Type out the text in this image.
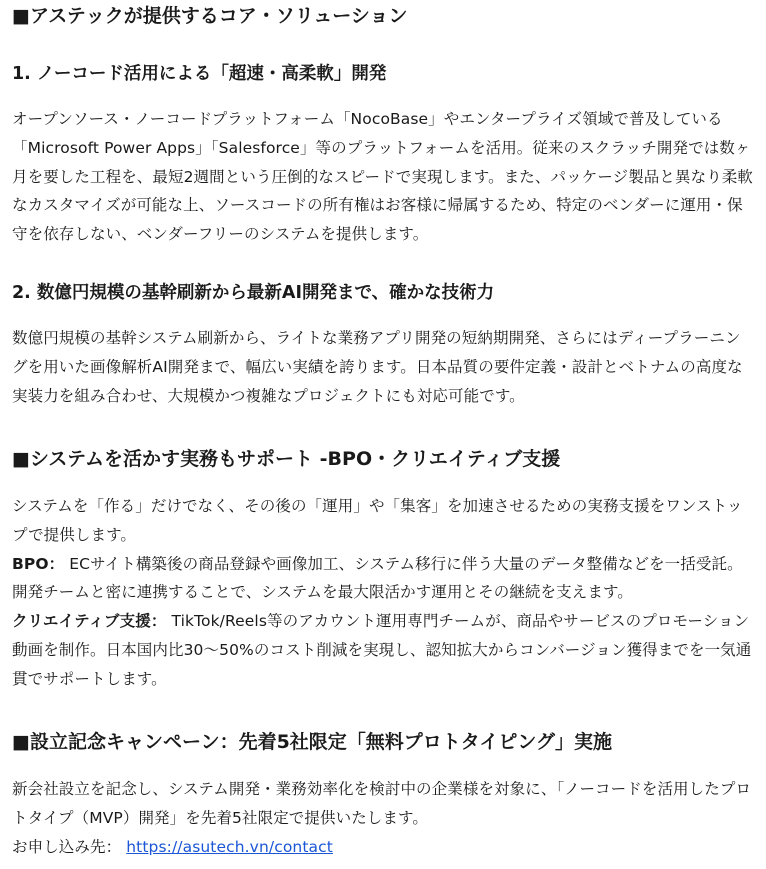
■アステックが提供するコア・ソリューション
1. ノーコード活用による「超速・高柔軟」開発

オープンソース・ノーコードプラットフォーム「NocoBase」やエンタープライズ領域で普及している「Microsoft Power Apps」「Salesforce」等のプラットフォームを活用。従来のスクラッチ開発では数ヶ月を要した工程を、最短2週間という圧倒的なスピードで実現します。また、パッケージ製品と異なり柔軟なカスタマイズが可能な上、ソースコードの所有権はお客様に帰属するため、特定のベンダーに運用・保守を依存しない、ベンダーフリーのシステムを提供します。

2. 数億円規模の基幹刷新から最新AI開発まで、確かな技術力

数億円規模の基幹システム刷新から、ライトな業務アプリ開発の短納期開発、さらにはディープラーニングを用いた画像解析AI開発まで、幅広い実績を誇ります。日本品質の要件定義・設計とベトナムの高度な実装力を組み合わせ、大規模かつ複雑なプロジェクトにも対応可能です。

■システムを活かす実務もサポート -BPO・クリエイティブ支援

システムを「作る」だけでなく、その後の「運用」や「集客」を加速させるための実務支援をワンストップで提供します。

BPO： ECサイト構築後の商品登録や画像加工、システム移行に伴う大量のデータ整備などを一括受託。開発チームと密に連携することで、システムを最大限活かす運用とその継続を支えます。

クリエイティブ支援： TikTok/Reels等のアカウント運用専門チームが、商品やサービスのプロモーション動画を制作。日本国内比30〜50%のコスト削減を実現し、認知拡大からコンバージョン獲得までを一気通貫でサポートします。

■設立記念キャンペーン：先着5社限定「無料プロトタイピング」実施

新会社設立を記念し、システム開発・業務効率化を検討中の企業様を対象に、「ノーコードを活用したプロトタイプ（MVP）開発」を先着5社限定で提供いたします。

お申し込み先： https://asutech.vn/contact
